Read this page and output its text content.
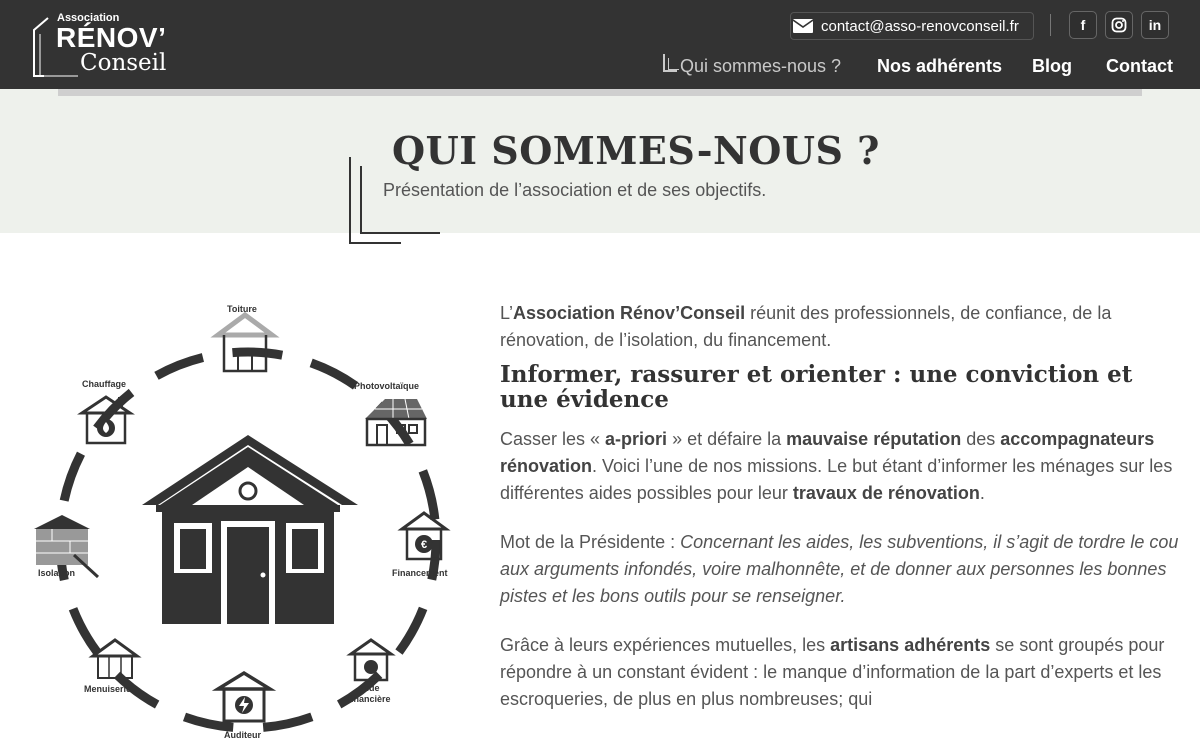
Association
RÉNOV’
Conseil
contact@asso-renovconseil.fr	f	in
Qui sommes-nous ? Nos adhérents Blog Contact
QUI SOMMES-NOUS ?
Présentation de l’association et de ses objectifs.
€
Toiture
Photovoltaïque
Financement
Aide
financière
Auditeur
Menuiserie
Isolation
Chauffage

L’Association Rénov’Conseil réunit des professionnels, de confiance, de la rénovation, de l’isolation, du financement.

Informer, rassurer et orienter : une conviction et une évidence

Casser les « a-priori » et défaire la mauvaise réputation des accompagnateurs rénovation. Voici l’une de nos missions. Le but étant d’informer les ménages sur les différentes aides possibles pour leur travaux de rénovation.

Mot de la Présidente : Concernant les aides, les subventions, il s’agit de tordre le cou aux arguments infondés, voire malhonnête, et de donner aux personnes les bonnes pistes et les bons outils pour se renseigner.

Grâce à leurs expériences mutuelles, les artisans adhérents se sont groupés pour répondre à un constant évident : le manque d’information de la part d’experts et les escroqueries, de plus en plus nombreuses; qui
